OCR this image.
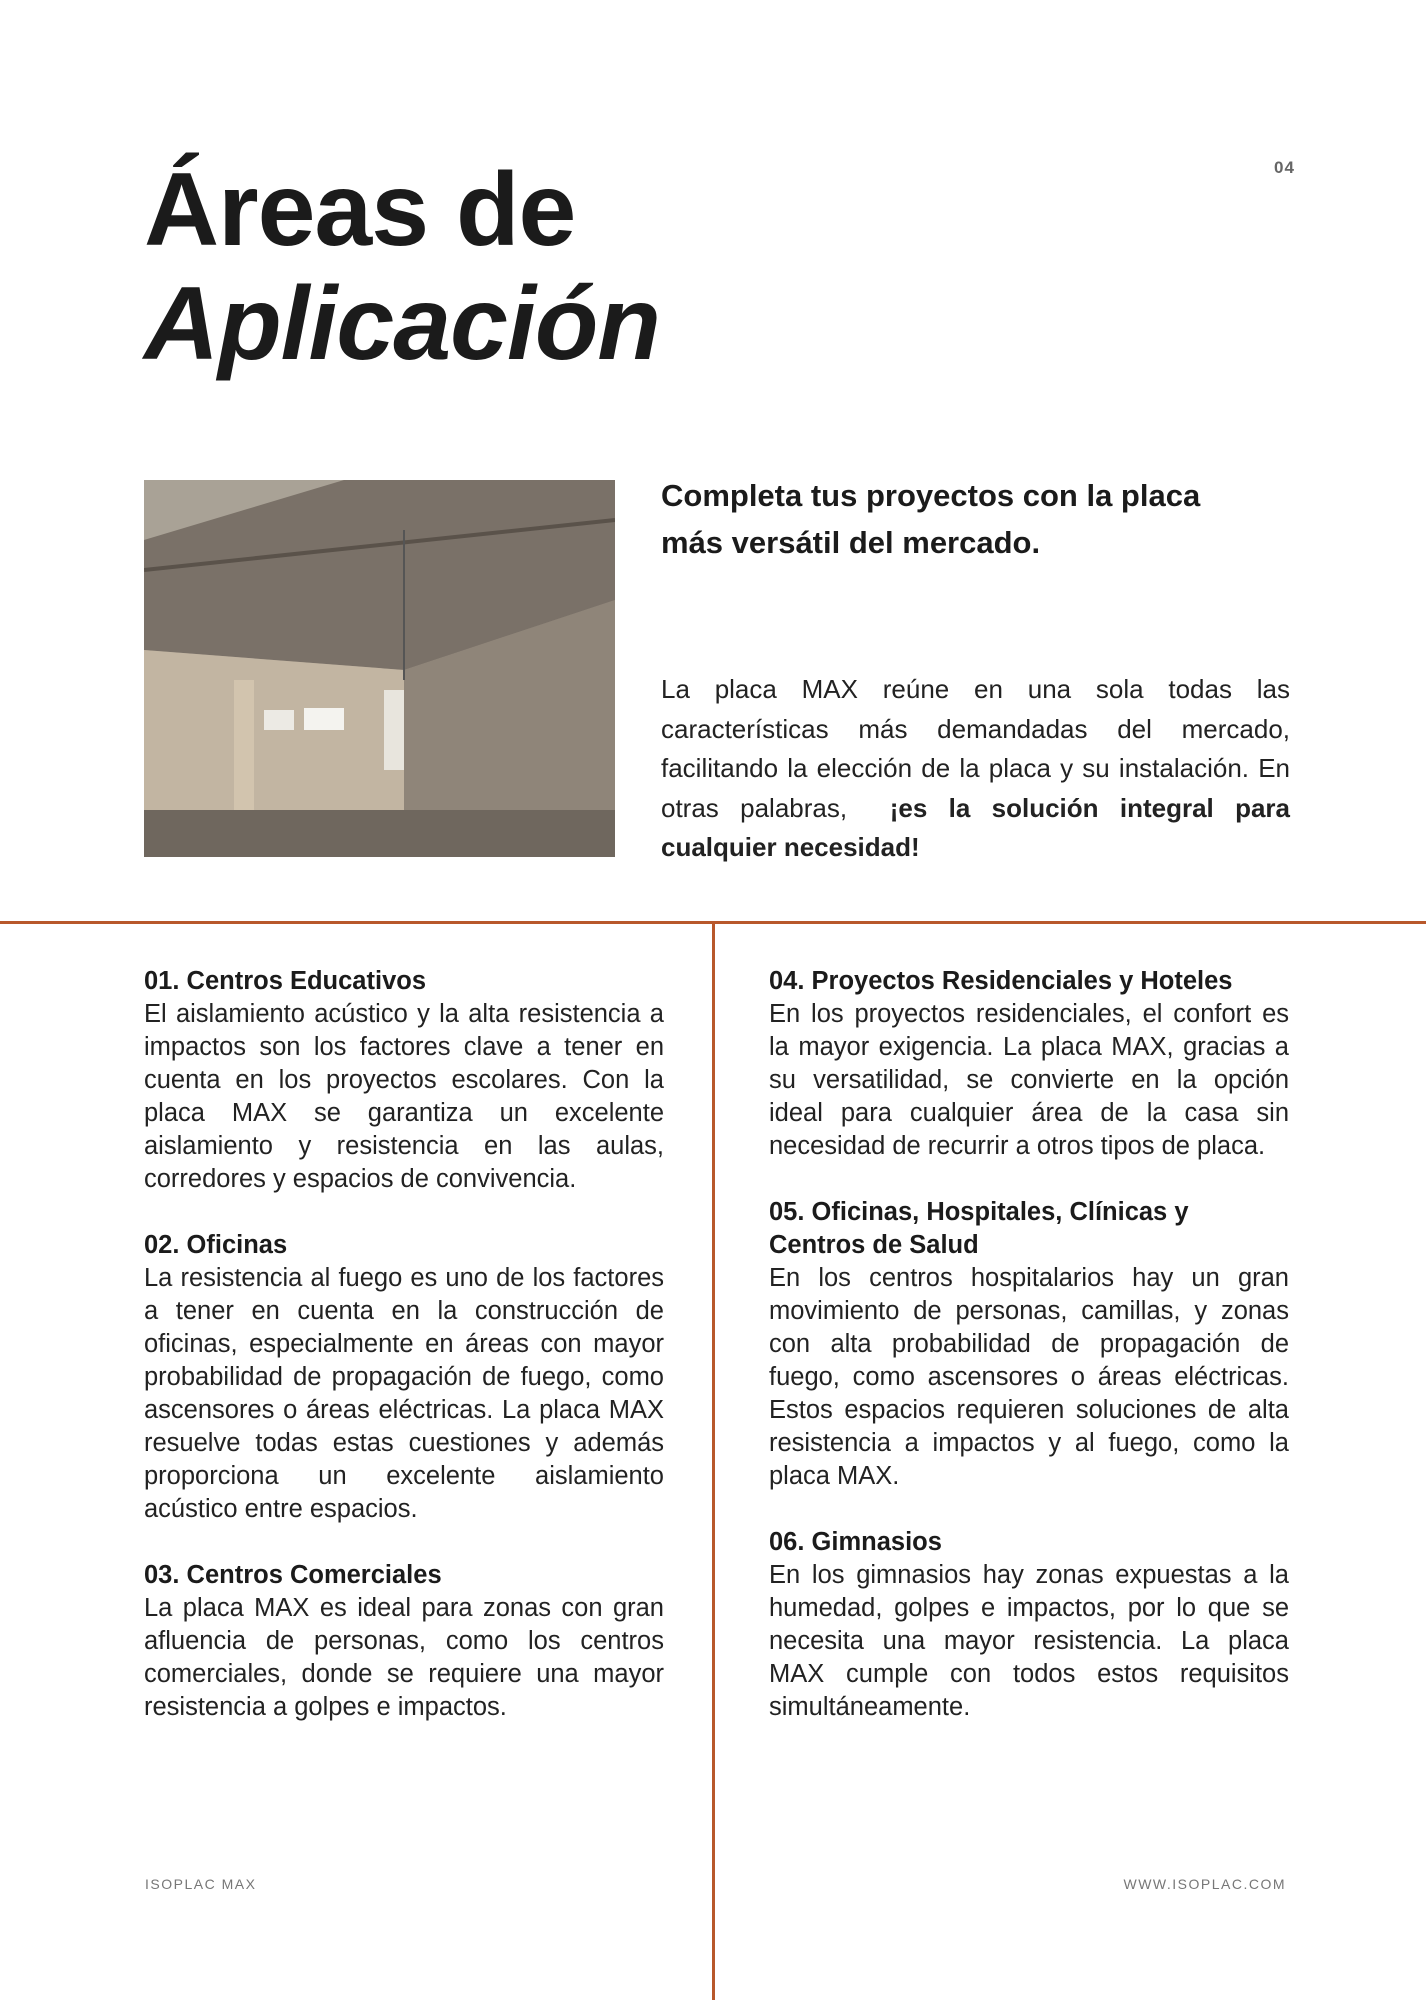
Áreas de
Aplicación
04
Completa tus proyectos con la placa más versátil del mercado.
La placa MAX reúne en una sola todas las características más demandadas del mercado, facilitando la elección de la placa y su instalación. En otras palabras, ¡es la solución integral para cualquier necesidad!
01. Centros Educativos

El aislamiento acústico y la alta resistencia a impactos son los factores clave a tener en cuenta en los proyectos escolares. Con la placa MAX se garantiza un excelente aislamiento y resistencia en las aulas, corredores y espacios de convivencia.

02. Oficinas

La resistencia al fuego es uno de los factores a tener en cuenta en la construcción de oficinas, especialmente en áreas con mayor probabilidad de propagación de fuego, como ascensores o áreas eléctricas. La placa MAX resuelve todas estas cuestiones y además proporciona un excelente aislamiento acústico entre espacios.

03. Centros Comerciales

La placa MAX es ideal para zonas con gran afluencia de personas, como los centros comerciales, donde se requiere una mayor resistencia a golpes e impactos.

04. Proyectos Residenciales y Hoteles

En los proyectos residenciales, el confort es la mayor exigencia. La placa MAX, gracias a su versatilidad, se convierte en la opción ideal para cualquier área de la casa sin necesidad de recurrir a otros tipos de placa.

05. Oficinas, Hospitales, Clínicas y Centros de Salud

En los centros hospitalarios hay un gran movimiento de personas, camillas, y zonas con alta probabilidad de propagación de fuego, como ascensores o áreas eléctricas. Estos espacios requieren soluciones de alta resistencia a impactos y al fuego, como la placa MAX.

06. Gimnasios

En los gimnasios hay zonas expuestas a la humedad, golpes e impactos, por lo que se necesita una mayor resistencia. La placa MAX cumple con todos estos requisitos simultáneamente.

ISOPLAC MAX	WWW.ISOPLAC.COM
